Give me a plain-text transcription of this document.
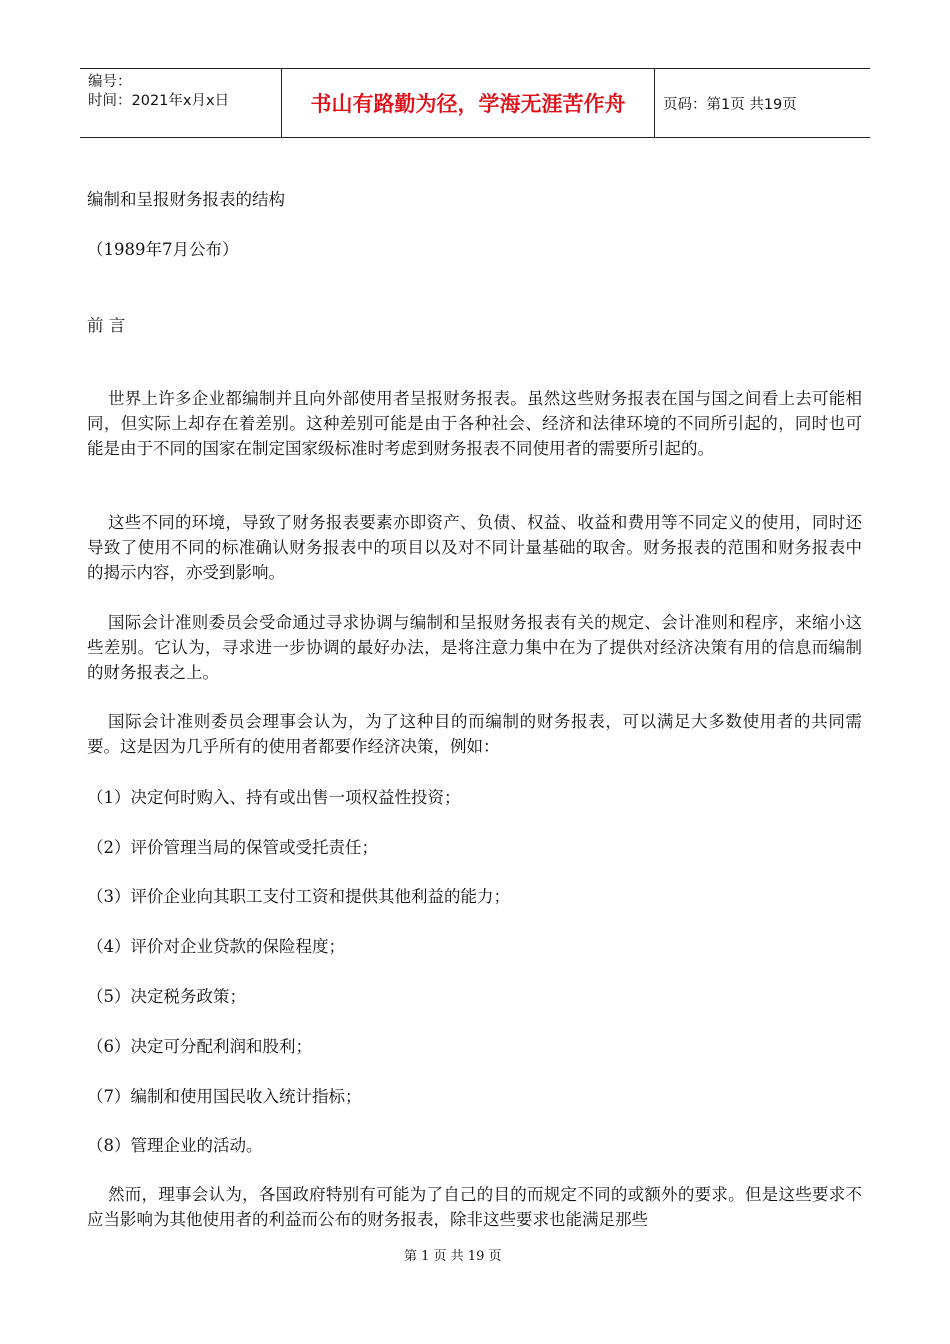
编号：
时间：2021年x月x日	书山有路勤为径，学海无涯苦作舟	页码：第1页 共19页
编制和呈报财务报表的结构
（1989年7月公布）
前 言
世界上许多企业都编制并且向外部使用者呈报财务报表。虽然这些财务报表在国与国之间看上去可能相同，但实际上却存在着差别。这种差别可能是由于各种社会、经济和法律环境的不同所引起的，同时也可能是由于不同的国家在制定国家级标准时考虑到财务报表不同使用者的需要所引起的。
这些不同的环境，导致了财务报表要素亦即资产、负债、权益、收益和费用等不同定义的使用，同时还导致了使用不同的标准确认财务报表中的项目以及对不同计量基础的取舍。财务报表的范围和财务报表中的揭示内容，亦受到影响。
国际会计准则委员会受命通过寻求协调与编制和呈报财务报表有关的规定、会计准则和程序，来缩小这些差别。它认为，寻求进一步协调的最好办法，是将注意力集中在为了提供对经济决策有用的信息而编制的财务报表之上。
国际会计准则委员会理事会认为，为了这种目的而编制的财务报表，可以满足大多数使用者的共同需要。这是因为几乎所有的使用者都要作经济决策，例如：
（1）决定何时购入、持有或出售一项权益性投资；
（2）评价管理当局的保管或受托责任；
（3）评价企业向其职工支付工资和提供其他利益的能力；
（4）评价对企业贷款的保险程度；
（5）决定税务政策；
（6）决定可分配利润和股利；
（7）编制和使用国民收入统计指标；
（8）管理企业的活动。
然而，理事会认为，各国政府特别有可能为了自己的目的而规定不同的或额外的要求。但是这些要求不应当影响为其他使用者的利益而公布的财务报表，除非这些要求也能满足那些
第 1 页 共 19 页
